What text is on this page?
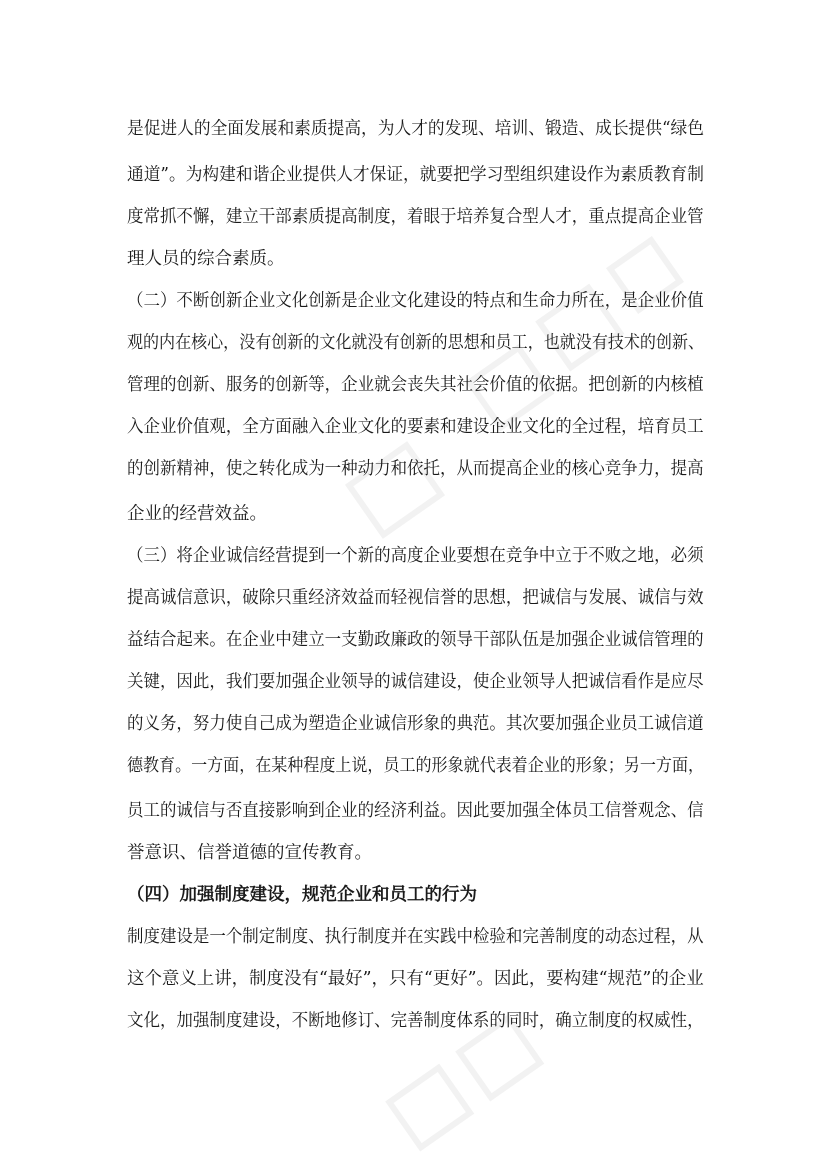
是促进人的全面发展和素质提高，为人才的发现、培训、锻造、成长提供“绿色
通道”。为构建和谐企业提供人才保证，就要把学习型组织建设作为素质教育制
度常抓不懈，建立干部素质提高制度，着眼于培养复合型人才，重点提高企业管
理人员的综合素质。
（二）不断创新企业文化创新是企业文化建设的特点和生命力所在，是企业价值
观的内在核心，没有创新的文化就没有创新的思想和员工，也就没有技术的创新、
管理的创新、服务的创新等，企业就会丧失其社会价值的依据。把创新的内核植
入企业价值观，全方面融入企业文化的要素和建设企业文化的全过程，培育员工
的创新精神，使之转化成为一种动力和依托，从而提高企业的核心竞争力，提高
企业的经营效益。
（三）将企业诚信经营提到一个新的高度企业要想在竞争中立于不败之地，必须
提高诚信意识，破除只重经济效益而轻视信誉的思想，把诚信与发展、诚信与效
益结合起来。在企业中建立一支勤政廉政的领导干部队伍是加强企业诚信管理的
关键，因此，我们要加强企业领导的诚信建设，使企业领导人把诚信看作是应尽
的义务，努力使自己成为塑造企业诚信形象的典范。其次要加强企业员工诚信道
德教育。一方面，在某种程度上说，员工的形象就代表着企业的形象；另一方面，
员工的诚信与否直接影响到企业的经济利益。因此要加强全体员工信誉观念、信
誉意识、信誉道德的宣传教育。
（四）加强制度建设，规范企业和员工的行为
制度建设是一个制定制度、执行制度并在实践中检验和完善制度的动态过程，从
这个意义上讲，制度没有“最好”，只有“更好”。因此，要构建“规范”的企业
文化，加强制度建设，不断地修订、完善制度体系的同时，确立制度的权威性，
